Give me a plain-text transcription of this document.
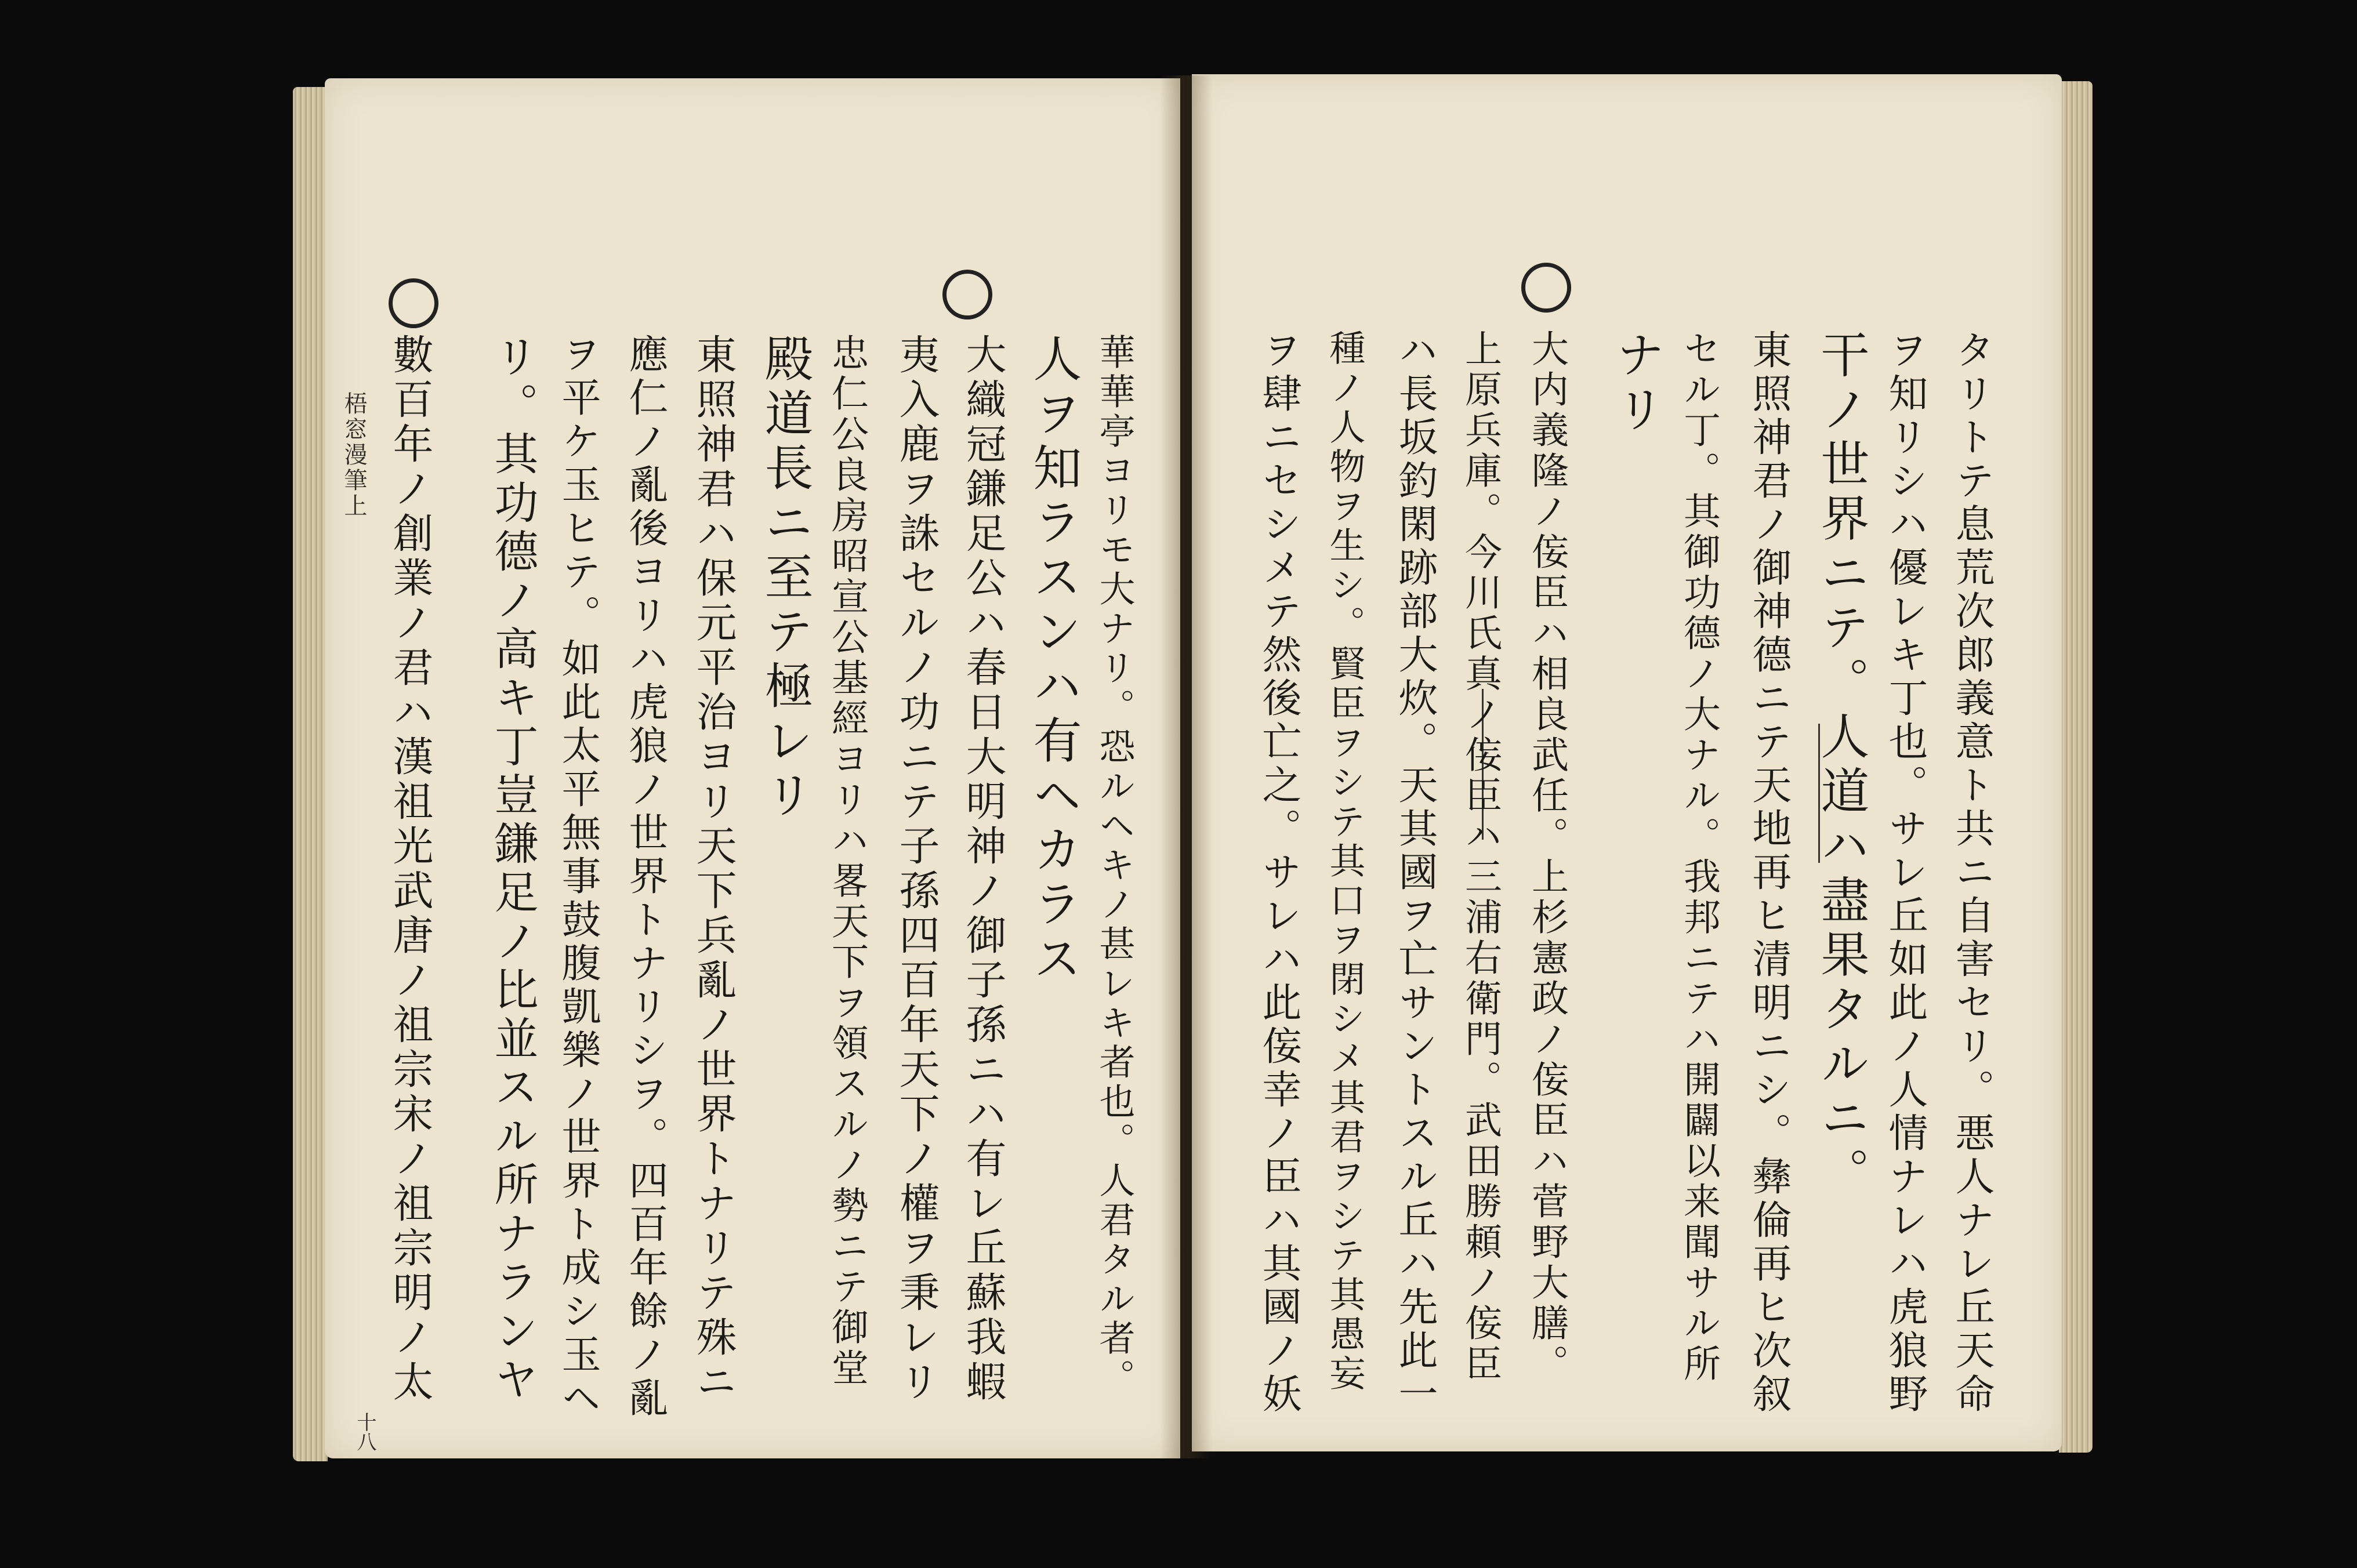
華華亭ヨリモ大ナリ。恐ルヘキノ甚レキ者也。人君タル者。
人ヲ知ラスンハ有ヘカラス
大織冠鎌足公ハ春日大明神ノ御子孫ニハ有レ丘蘇我蝦
夷入鹿ヲ誅セルノ功ニテ子孫四百年天下ノ權ヲ秉レリ
忠仁公良房昭宣公基經ヨリハ畧天下ヲ領スルノ勢ニテ御堂
殿道長ニ至テ極レリ
東照神君ハ保元平治ヨリ天下兵亂ノ世界トナリテ殊ニ
應仁ノ亂後ヨリハ虎狼ノ世界トナリシヲ。四百年餘ノ亂
ヲ平ケ玉ヒテ。如此太平無事鼓腹凱樂ノ世界ト成シ玉ヘ
リ。其功德ノ高キ丁豈鎌足ノ比並スル所ナランヤ
數百年ノ創業ノ君ハ漢祖光武唐ノ祖宗宋ノ祖宗明ノ太
梧窓漫筆上
十八
タリトテ息荒次郎義意ト共ニ自害セリ。悪人ナレ丘天命
ヲ知リシハ優レキ丁也。サレ丘如此ノ人情ナレハ虎狼野
干ノ世界ニテ。人道ハ盡果タルニ。
東照神君ノ御神德ニテ天地再ヒ清明ニシ。彝倫再ヒ次叙
セル丁。其御功德ノ大ナル。我邦ニテハ開闢以来聞サル所
ナリ
大内義隆ノ侫臣ハ相良武任。上杉憲政ノ侫臣ハ菅野大膳。
上原兵庫。今川氏真ノ侫臣ハ三浦右衛門。武田勝頼ノ侫臣
ハ長坂釣閑跡部大炊。天其國ヲ亡サントスル丘ハ先此一
種ノ人物ヲ生シ。賢臣ヲシテ其口ヲ閉シメ其君ヲシテ其愚妄
ヲ肆ニセシメテ然後亡之。サレハ此侫幸ノ臣ハ其國ノ妖
